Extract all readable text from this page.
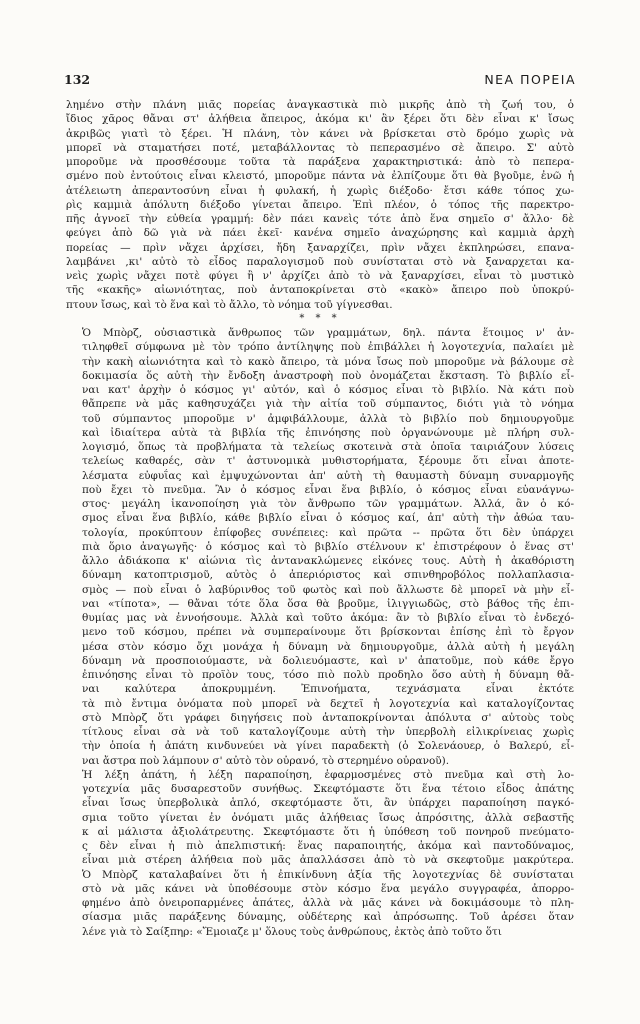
132	ΝΕΑ ΠΟΡΕΙΑ

λημένο στὴν πλάνη μιᾶς πορείας ἀναγκαστικὰ πιὸ μικρῆς ἀπὸ τὴ ζωή του, ὁ
ἴδιος χᾶρος θἄναι στ' ἀλήθεια ἄπειρος, ἀκόμα κι' ἂν ξέρει ὅτι δὲν εἶναι κ' ἴσως
ἀκριβῶς γιατὶ τὸ ξέρει. Ἡ πλάνη, τὸν κάνει νὰ βρίσκεται στὸ δρόμο χωρὶς νὰ
μπορεῖ νὰ σταματήσει ποτέ, μεταβάλλοντας τὸ πεπερασμένο σὲ ἄπειρο. Σ' αὐτὸ
μποροῦμε νὰ προσθέσουμε τοῦτα τὰ παράξενα χαρακτηριστικά: ἀπὸ τὸ πεπερα-
σμένο ποὺ ἐντούτοις εἶναι κλειστό, μποροῦμε πάντα νὰ ἐλπίζουμε ὅτι θὰ βγοῦμε, ἐνῶ ἡ
ἀτέλειωτη ἀπεραντοσύνη εἶναι ἡ φυλακή, ἡ χωρὶς διέξοδο· ἔτσι κάθε τόπος χω-
ρὶς καμμιὰ ἀπόλυτη διέξοδο γίνεται ἄπειρο. Ἐπὶ πλέον, ὁ τόπος τῆς παρεκτρο-
πῆς ἀγνοεῖ τὴν εὐθεία γραμμή: δὲν πάει κανεὶς τότε ἀπὸ ἕνα σημεῖο σ' ἄλλο· δὲ
φεύγει ἀπὸ δῶ γιὰ νὰ πάει ἐκεῖ· κανένα σημεῖο ἀναχώρησης καὶ καμμιὰ ἀρχὴ
πορείας — πρὶν νἄχει ἀρχίσει, ἤδη ξαναρχίζει, πρὶν νἄχει ἐκπληρώσει, επανα-
λαμβάνει ,κι' αὐτὸ τὸ εἶδος παραλογισμοῦ ποὺ συνίσταται στὸ νὰ ξαναρχεται κα-
νεὶς χωρὶς νἄχει ποτὲ φύγει ἢ ν' ἀρχίζει ἀπὸ τὸ νὰ ξαναρχίσει, εἶναι τὸ μυστικὸ
τῆς «κακῆς» αἰωνιότητας, ποὺ ἀνταποκρίνεται στὸ «κακὸ» ἄπειρο ποὺ ὑποκρύ-
πτουν ἴσως, καὶ τὸ ἕνα καὶ τὸ ἄλλο, τὸ νόημα τοῦ γίγνεσθαι.

* * *

Ὁ Μπὸρζ, οὐσιαστικὰ ἄνθρωπος τῶν γραμμάτων, δηλ. πάντα ἕτοιμος ν' ἀν-
τιληφθεῖ σύμφωνα μὲ τὸν τρόπο ἀντίληψης ποὺ ἐπιβάλλει ἡ λογοτεχνία, παλαίει μὲ
τὴν κακὴ αἰωνιότητα καὶ τὸ κακὸ ἄπειρο, τὰ μόνα ἴσως ποὺ μποροῦμε νὰ βάλουμε σὲ
δοκιμασία ὅς αὐτὴ τὴν ἔνδοξη ἀναστροφὴ ποὺ ὀνομάζεται ἔκσταση. Τὸ βιβλίο εἶ-
ναι κατ' ἀρχὴν ὁ κόσμος γι' αὐτόν, καὶ ὁ κόσμος εἶναι τὸ βιβλίο. Νὰ κάτι ποὺ
θἄπρεπε νὰ μᾶς καθησυχάζει γιὰ τὴν αἰτία τοῦ σύμπαντος, διότι γιὰ τὸ νόημα
τοῦ σύμπαντος μποροῦμε ν' ἀμφιβάλλουμε, ἀλλὰ τὸ βιβλίο ποὺ δημιουργοῦμε
καὶ ἰδιαίτερα αὐτὰ τὰ βιβλία τῆς ἐπινόησης ποὺ ὀργανώνουμε μὲ πλήρη συλ-
λογισμό, ὅπως τὰ προβλήματα τὰ τελείως σκοτεινὰ στὰ ὁποῖα ταιριάζουν λύσεις
τελείως καθαρές, σὰν τ' ἀστυνομικὰ μυθιστορήματα, ξέρουμε ὅτι εἶναι ἀποτε-
λέσματα εὐφυΐας καὶ ἐμψυχώνονται ἀπ' αὐτὴ τὴ θαυμαστὴ δύναμη συναρμογῆς
ποὺ ἔχει τὸ πνεῦμα. Ἂν ὁ κόσμος εἶναι ἕνα βιβλίο, ὁ κόσμος εἶναι εὐανάγνω-
στος· μεγάλη ἱκανοποίηση γιὰ τὸν ἄνθρωπο τῶν γραμμάτων. Ἀλλά, ἂν ὁ κό-
σμος εἶναι ἕνα βιβλίο, κάθε βιβλίο εἶναι ὁ κόσμος καί, ἀπ' αὐτὴ τὴν ἀθώα ταυ-
τολογία, προκύπτουν ἐπίφοβες συνέπειες: καὶ πρῶτα -- πρῶτα ὅτι δὲν ὑπάρχει
πιὰ ὅριο ἀναγωγῆς· ὁ κόσμος καὶ τὸ βιβλίο στέλνουν κ' ἐπιστρέφουν ὁ ἕνας στ'
ἄλλο ἀδιάκοπα κ' αἰώνια τὶς ἀντανακλώμενες εἰκόνες τους. Αὐτὴ ἡ ἀκαθόριστη
δύναμη κατοπτρισμοῦ, αὐτὸς ὁ ἀπεριόριστος καὶ σπινθηροβόλος πολλαπλασια-
σμὸς — ποὺ εἶναι ὁ λαβύρινθος τοῦ φωτὸς καὶ ποὺ ἄλλωστε δὲ μπορεῖ νὰ μὴν εἶ-
ναι «τίποτα», — θἄναι τότε ὅλα ὅσα θὰ βροῦμε, ἰλιγγιωδῶς, στὸ βάθος τῆς ἐπι-
θυμίας μας νὰ ἐννοήσουμε. Ἀλλὰ καὶ τοῦτο ἀκόμα: ἂν τὸ βιβλίο εἶναι τὸ ἐνδεχό-
μενο τοῦ κόσμου, πρέπει νὰ συμπεραίνουμε ὅτι βρίσκονται ἐπίσης ἐπὶ τὸ ἔργον
μέσα στὸν κόσμο ὄχι μονάχα ἡ δύναμη νὰ δημιουργοῦμε, ἀλλὰ αὐτὴ ἡ μεγάλη
δύναμη νὰ προσποιούμαστε, νὰ δολιευόμαστε, καὶ ν' ἀπατοῦμε, ποὺ κάθε ἔργο
ἐπινόησης εἶναι τὸ προϊὸν τους, τόσο πιὸ πολὺ προδηλο ὅσο αὐτὴ ἡ δύναμη θἄ-
ναι καλύτερα ἀποκρυμμένη. Ἐπινοήματα, τεχνάσματα εἶναι ἐκτότε
τὰ πιὸ ἔντιμα ὀνόματα ποὺ μπορεῖ νὰ δεχτεῖ ἡ λογοτεχνία καὶ καταλογίζοντας
στὸ Μπὸρζ ὅτι γράφει διηγήσεις ποὺ ἀνταποκρίνονται ἀπόλυτα σ' αὐτοὺς τοὺς
τίτλους εἶναι σὰ νὰ τοῦ καταλογίζουμε αὐτὴ τὴν ὑπερβολὴ εἰλικρίνειας χωρὶς
τὴν ὁποία ἡ ἀπάτη κινδυνεύει νὰ γίνει παραδεκτὴ (ὁ Σολενάουερ, ὁ Βαλερύ, εἶ-
ναι ἄστρα ποὺ λάμπουν σ' αὐτὸ τὸν οὐρανό, τὸ στερημένο οὐρανοῦ).

Ἡ λέξη ἀπάτη, ἡ λέξη παραποίηση, ἐφαρμοσμένες στὸ πνεῦμα καὶ στὴ λο-
γοτεχνία μᾶς δυσαρεστοῦν συνήθως. Σκεφτόμαστε ὅτι ἕνα τέτοιο εἶδος ἀπάτης
εἶναι ἴσως ὑπερβολικὰ ἁπλό, σκεφτόμαστε ὅτι, ἂν ὑπάρχει παραποίηση παγκό-
σμια τοῦτο γίνεται ἐν ὀνόματι μιᾶς ἀλήθειας ἴσως ἀπρόσιτης, ἀλλὰ σεβαστῆς
κ αἱ μάλιστα ἀξιολάτρευτης. Σκεφτόμαστε ὅτι ἡ ὑπόθεση τοῦ πονηροῦ πνεύματο-
ς δὲν εἶναι ἡ πιὸ ἀπελπιστική: ἕνας παραποιητής, ἀκόμα καὶ παντοδύναμος,
εἶναι μιὰ στέρεη ἀλήθεια ποὺ μᾶς ἀπαλλάσσει ἀπὸ τὸ νὰ σκεφτοῦμε μακρύτερα.
Ὁ Μπὸρζ καταλαβαίνει ὅτι ἡ ἐπικίνδυνη ἀξία τῆς λογοτεχνίας δὲ συνίσταται
στὸ νὰ μᾶς κάνει νὰ ὑποθέσουμε στὸν κόσμο ἕνα μεγάλο συγγραφέα, ἀπορρο-
φημένο ἀπὸ ὀνειροπαρμένες ἀπάτες, ἀλλὰ νὰ μᾶς κάνει νὰ δοκιμάσουμε τὸ πλη-
σίασμα μιᾶς παράξενης δύναμης, οὐδέτερης καὶ ἀπρόσωπης. Τοῦ ἀρέσει ὅταν
λένε γιὰ τὸ Σαίξπηρ: «Ἔμοιαζε μ' ὅλους τοὺς ἀνθρώπους, ἐκτὸς ἀπὸ τοῦτο ὅτι
